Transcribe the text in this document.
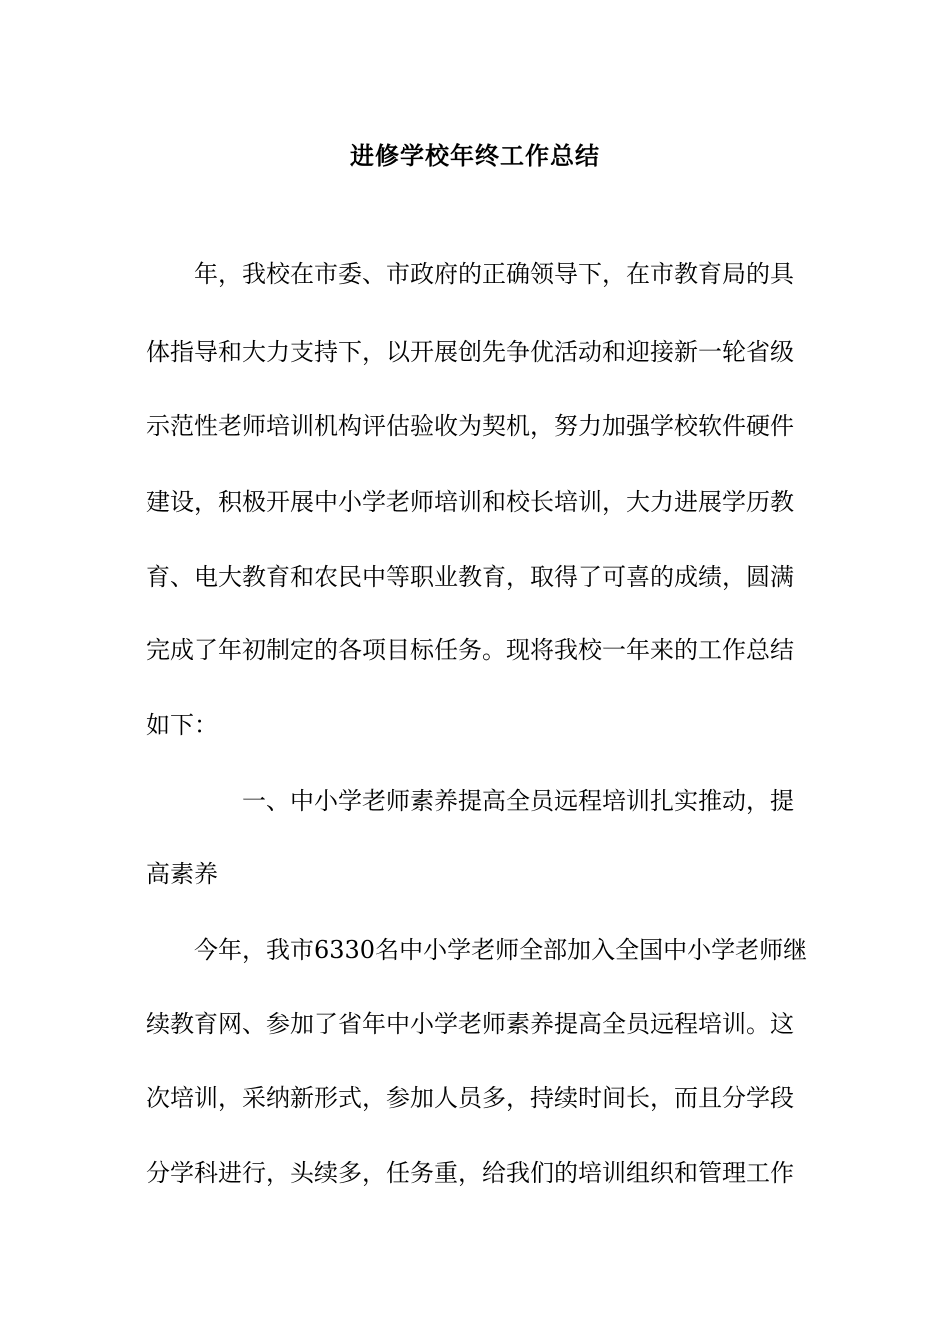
进修学校年终工作总结
年，我校在市委、市政府的正确领导下，在市教育局的具
体指导和大力支持下，以开展创先争优活动和迎接新一轮省级
示范性老师培训机构评估验收为契机，努力加强学校软件硬件
建设，积极开展中小学老师培训和校长培训，大力进展学历教
育、电大教育和农民中等职业教育，取得了可喜的成绩，圆满
完成了年初制定的各项目标任务。现将我校一年来的工作总结
如下：
一、中小学老师素养提高全员远程培训扎实推动，提
高素养
今年，我市6330名中小学老师全部加入全国中小学老师继
续教育网、参加了省年中小学老师素养提高全员远程培训。这
次培训，采纳新形式，参加人员多，持续时间长，而且分学段
分学科进行，头续多，任务重，给我们的培训组织和管理工作
